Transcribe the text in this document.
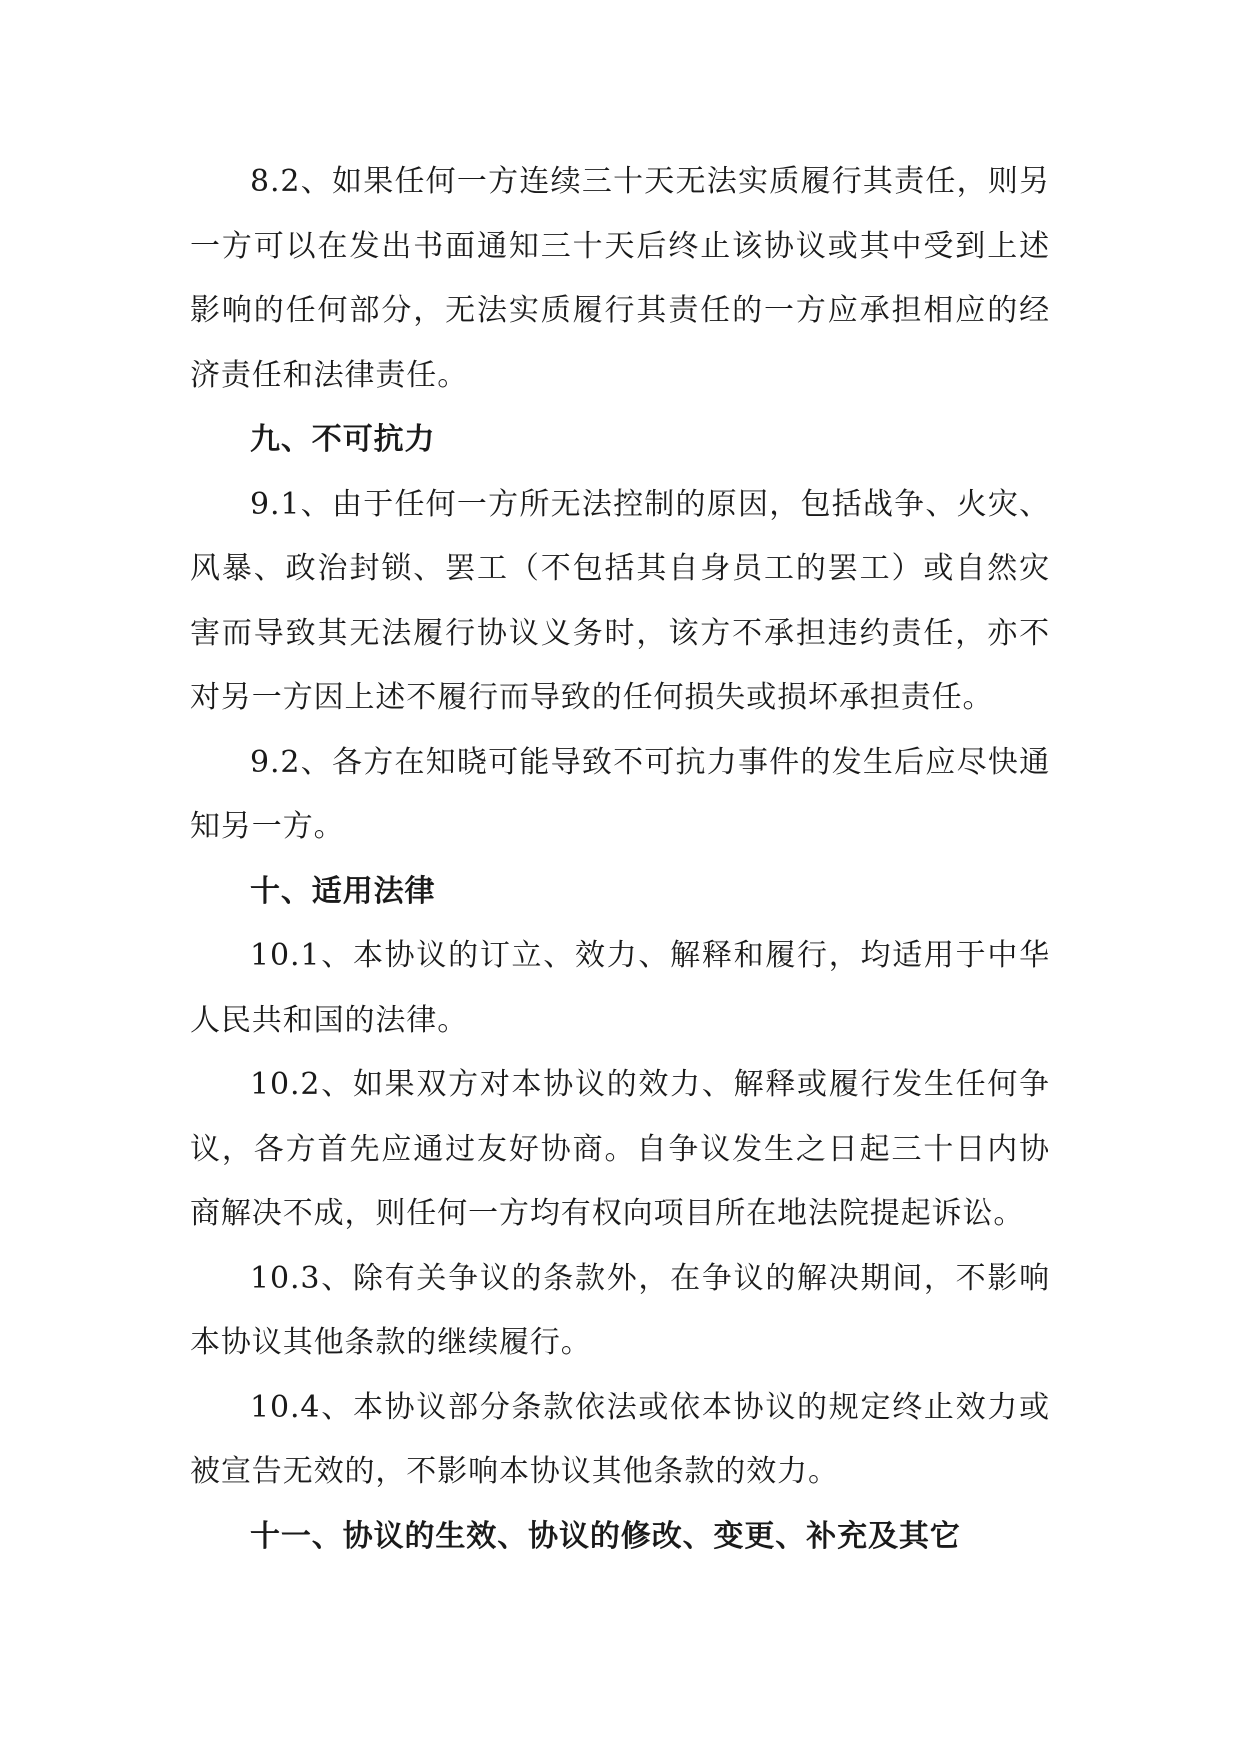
8.2、如果任何一方连续三十天无法实质履行其责任，则另一方可以在发出书面通知三十天后终止该协议或其中受到上述影响的任何部分，无法实质履行其责任的一方应承担相应的经济责任和法律责任。

九、不可抗力

9.1、由于任何一方所无法控制的原因，包括战争、火灾、风暴、政治封锁、罢工（不包括其自身员工的罢工）或自然灾害而导致其无法履行协议义务时，该方不承担违约责任，亦不对另一方因上述不履行而导致的任何损失或损坏承担责任。

9.2、各方在知晓可能导致不可抗力事件的发生后应尽快通知另一方。

十、适用法律

10.1、本协议的订立、效力、解释和履行，均适用于中华人民共和国的法律。

10.2、如果双方对本协议的效力、解释或履行发生任何争议，各方首先应通过友好协商。自争议发生之日起三十日内协商解决不成，则任何一方均有权向项目所在地法院提起诉讼。

10.3、除有关争议的条款外，在争议的解决期间，不影响本协议其他条款的继续履行。

10.4、本协议部分条款依法或依本协议的规定终止效力或被宣告无效的，不影响本协议其他条款的效力。

十一、协议的生效、协议的修改、变更、补充及其它
